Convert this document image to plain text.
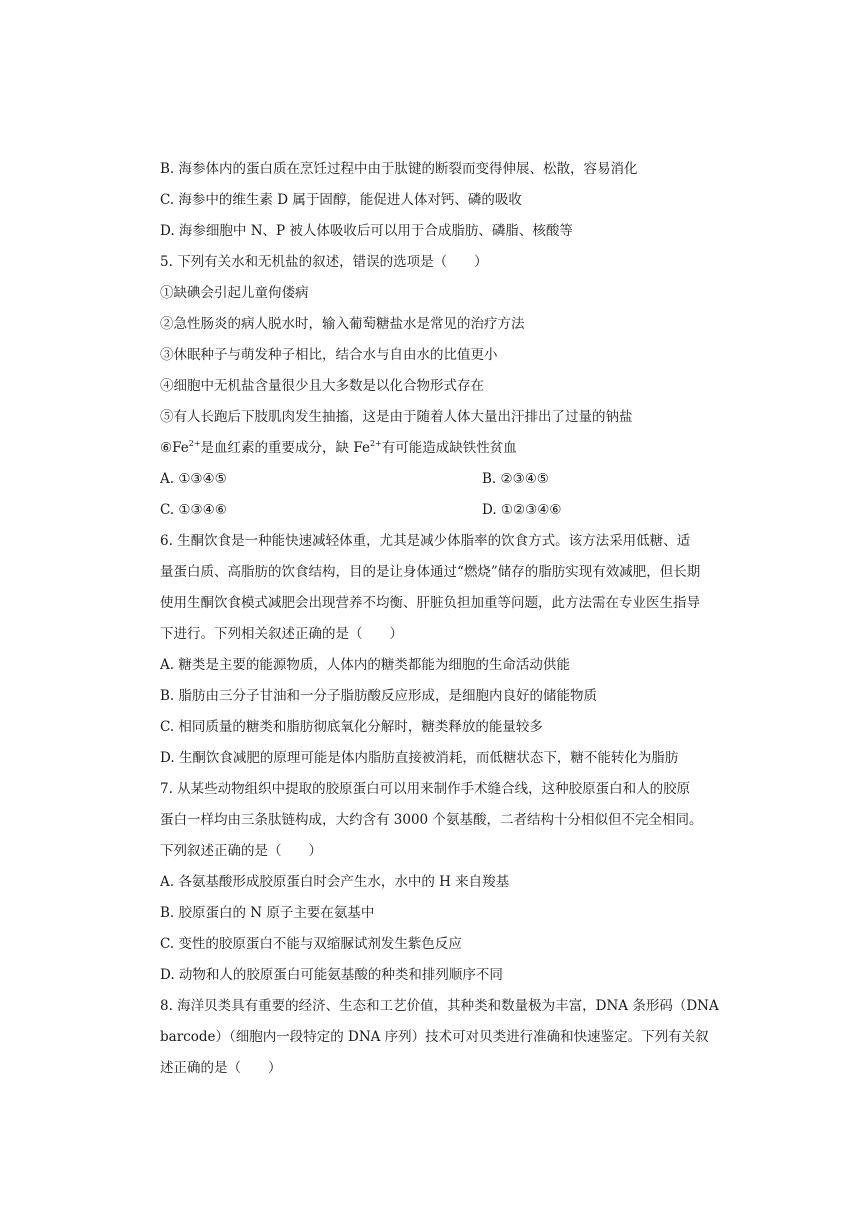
B. 海参体内的蛋白质在烹饪过程中由于肽键的断裂而变得伸展、松散，容易消化
C. 海参中的维生素 D 属于固醇，能促进人体对钙、磷的吸收
D. 海参细胞中 N、P 被人体吸收后可以用于合成脂肪、磷脂、核酸等
5. 下列有关水和无机盐的叙述，错误的选项是（　　）
①缺碘会引起儿童佝偻病
②急性肠炎的病人脱水时，输入葡萄糖盐水是常见的治疗方法
③休眠种子与萌发种子相比，结合水与自由水的比值更小
④细胞中无机盐含量很少且大多数是以化合物形式存在
⑤有人长跑后下肢肌肉发生抽搐，这是由于随着人体大量出汗排出了过量的钠盐
$⑥Fe^{2+}$是血红素的重要成分，缺 $Fe^{2+}$有可能造成缺铁性贫血
A. ①③④⑤	B. ②③④⑤
C. ①③④⑥	D. ①②③④⑥
6. 生酮饮食是一种能快速减轻体重，尤其是减少体脂率的饮食方式。该方法采用低糖、适
量蛋白质、高脂肪的饮食结构，目的是让身体通过“燃烧”储存的脂肪实现有效减肥，但长期
使用生酮饮食模式减肥会出现营养不均衡、肝脏负担加重等问题，此方法需在专业医生指导
下进行。下列相关叙述正确的是（　　）
A. 糖类是主要的能源物质，人体内的糖类都能为细胞的生命活动供能
B. 脂肪由三分子甘油和一分子脂肪酸反应形成，是细胞内良好的储能物质
C. 相同质量的糖类和脂肪彻底氧化分解时，糖类释放的能量较多
D. 生酮饮食减肥的原理可能是体内脂肪直接被消耗，而低糖状态下，糖不能转化为脂肪
7. 从某些动物组织中提取的胶原蛋白可以用来制作手术缝合线，这种胶原蛋白和人的胶原
蛋白一样均由三条肽链构成，大约含有 3000 个氨基酸，二者结构十分相似但不完全相同。
下列叙述正确的是（　　）
A. 各氨基酸形成胶原蛋白时会产生水，水中的 H 来自羧基
B. 胶原蛋白的 N 原子主要在氨基中
C. 变性的胶原蛋白不能与双缩脲试剂发生紫色反应
D. 动物和人的胶原蛋白可能氨基酸的种类和排列顺序不同
8. 海洋贝类具有重要的经济、生态和工艺价值，其种类和数量极为丰富，DNA 条形码（DNA
barcode）（细胞内一段特定的 DNA 序列）技术可对贝类进行准确和快速鉴定。下列有关叙
述正确的是（　　）
